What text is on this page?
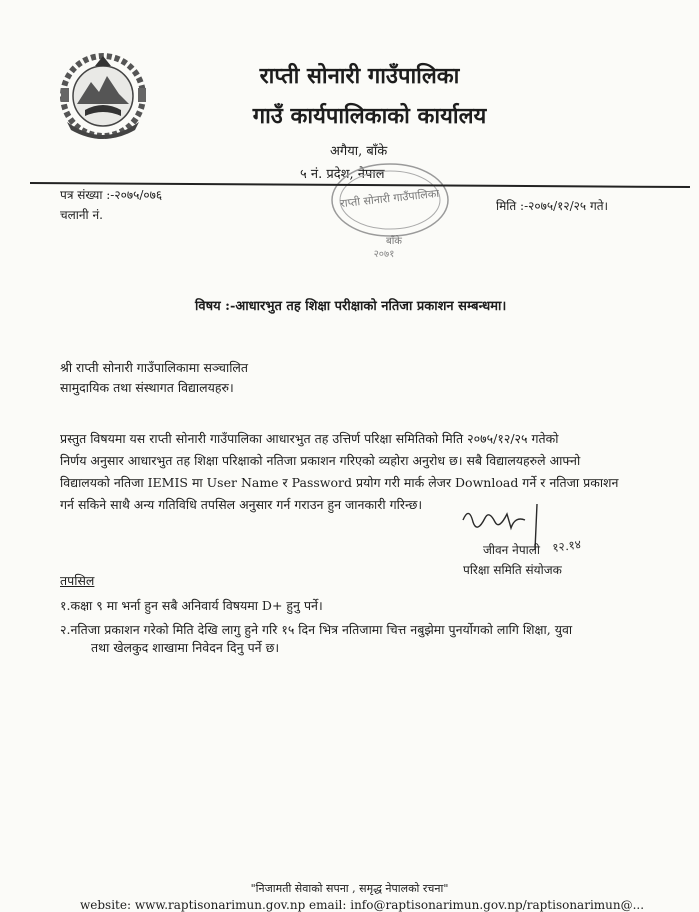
राप्ती सोनारी गाउँपालिका
गाउँ कार्यपालिकाको कार्यालय
अगैया, बाँके
५ नं. प्रदेश, नेपाल
राप्ती सोनारी गाउँपालिका
बाँके
२०७१
पत्र संख्या :-२०७५/०७६
चलानी नं.
मिति :-२०७५/१२/२५ गते।
विषय :-आधारभुत तह शिक्षा परीक्षाको नतिजा प्रकाशन सम्बन्धमा।
श्री राप्ती सोनारी गाउँपालिकामा सञ्चालित
सामुदायिक तथा संस्थागत विद्यालयहरु।
प्रस्तुत विषयमा यस राप्ती सोनारी गाउँपालिका आधारभुत तह उत्तिर्ण परिक्षा समितिको मिति २०७५/१२/२५ गतेको
निर्णय अनुसार आधारभुत तह शिक्षा परिक्षाको नतिजा प्रकाशन गरिएको व्यहोरा अनुरोध छ। सबै विद्यालयहरुले आफ्नो
विद्यालयको नतिजा IEMIS मा User Name र Password प्रयोग गरी मार्क लेजर Download गर्ने र नतिजा प्रकाशन
गर्न सकिने साथै अन्य गतिविधि तपसिल अनुसार गर्न गराउन हुन जानकारी गरिन्छ।
१२.१४
जीवन नेपाली
परिक्षा समिति संयोजक
तपसिल
१.कक्षा ९ मा भर्ना हुन सबै अनिवार्य विषयमा D+ हुनु पर्ने।
२.नतिजा प्रकाशन गरेको मिति देखि लागु हुने गरि १५ दिन भित्र नतिजामा चित्त नबुझेमा पुनर्योगको लागि शिक्षा, युवा
तथा खेलकुद शाखामा निवेदन दिनु पर्ने छ।
"निजामती सेवाको सपना , समृद्ध नेपालको रचना"
website: www.raptisonarimun.gov.np email: info@raptisonarimun.gov.np/raptisonarimun@...
